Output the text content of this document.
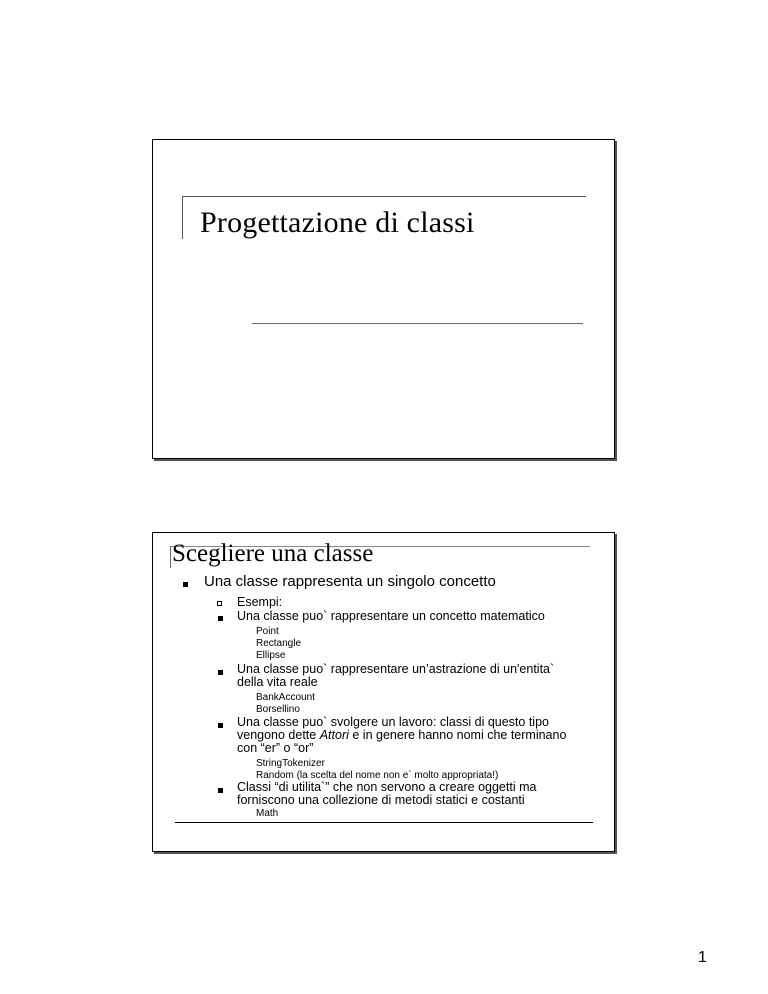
Progettazione di classi
Scegliere una classe
Una classe rappresenta un singolo concetto
Esempi:
Una classe puo` rappresentare un concetto matematico
Point
Rectangle
Ellipse
Una classe puo` rappresentare un’astrazione di un'entita`
della vita reale
BankAccount
Borsellino
Una classe puo` svolgere un lavoro: classi di questo tipo
vengono dette Attori e in genere hanno nomi che terminano
con “er” o “or”
StringTokenizer
Random (la scelta del nome non e` molto appropriata!)
Classi “di utilita`” che non servono a creare oggetti ma
forniscono una collezione di metodi statici e costanti
Math
1
